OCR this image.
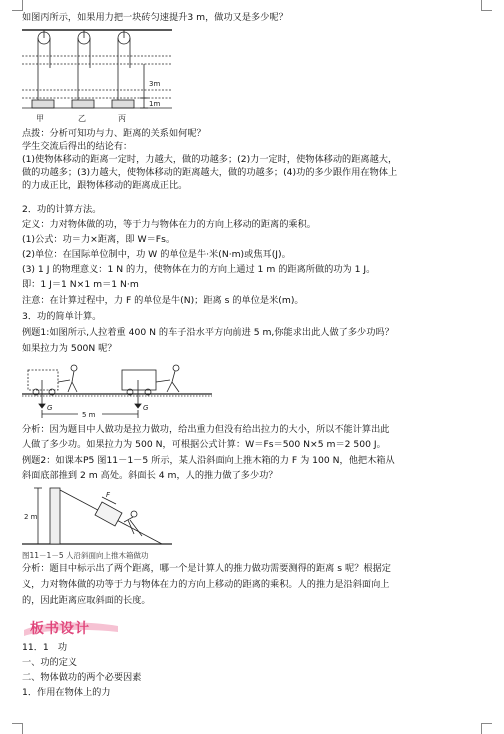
如图丙所示，如果用力把一块砖匀速提升3 m，做功又是多少呢？
3m
1m
甲	乙	丙
点拨：分析可知功与力、距离的关系如何呢？
学生交流后得出的结论有：
(1)使物体移动的距离一定时，力越大，做的功越多；(2)力一定时，使物体移动的距离越大，
做的功越多；(3)力越大，使物体移动的距离越大，做的功越多；(4)功的多少跟作用在物体上
的力成正比，跟物体移动的距离成正比。
2．功的计算方法。
定义：力对物体做的功，等于力与物体在力的方向上移动的距离的乘积。
(1)公式：功＝力×距离，即 W＝Fs。
(2)单位：在国际单位制中，功 W 的单位是牛·米(N·m)或焦耳(J)。
(3) 1 J 的物理意义：1 N 的力，使物体在力的方向上通过 1 m 的距离所做的功为 1 J。
即：1 J＝1 N×1 m＝1 N·m
注意：在计算过程中，力 F 的单位是牛(N)；距离 s 的单位是米(m)。
3．功的简单计算。
例题1:如图所示,人拉着重 400 N 的车子沿水平方向前进 5 m,你能求出此人做了多少功吗？
如果拉力为 500N 呢？
G	G
5 m
分析：因为题目中人做功是拉力做功，给出重力但没有给出拉力的大小，所以不能计算出此
人做了多少功。如果拉力为 500 N，可根据公式计算：W＝Fs＝500 N×5 m＝2 500 J。
例题2：如课本P5 图11－1－5 所示，某人沿斜面向上推木箱的力 F 为 100 N，他把木箱从
斜面底部推到 2 m 高处。斜面长 4 m，人的推力做了多少功？
2 m
F
图11－1－5 人沿斜面向上推木箱做功
分析：题目中标示出了两个距离，哪一个是计算人的推力做功需要测得的距离 s 呢？根据定
义，力对物体做的功等于力与物体在力的方向上移动的距离的乘积。人的推力是沿斜面向上
的，因此距离应取斜面的长度。
板书设计
11．1　功
一、功的定义
二、物体做功的两个必要因素
1．作用在物体上的力
